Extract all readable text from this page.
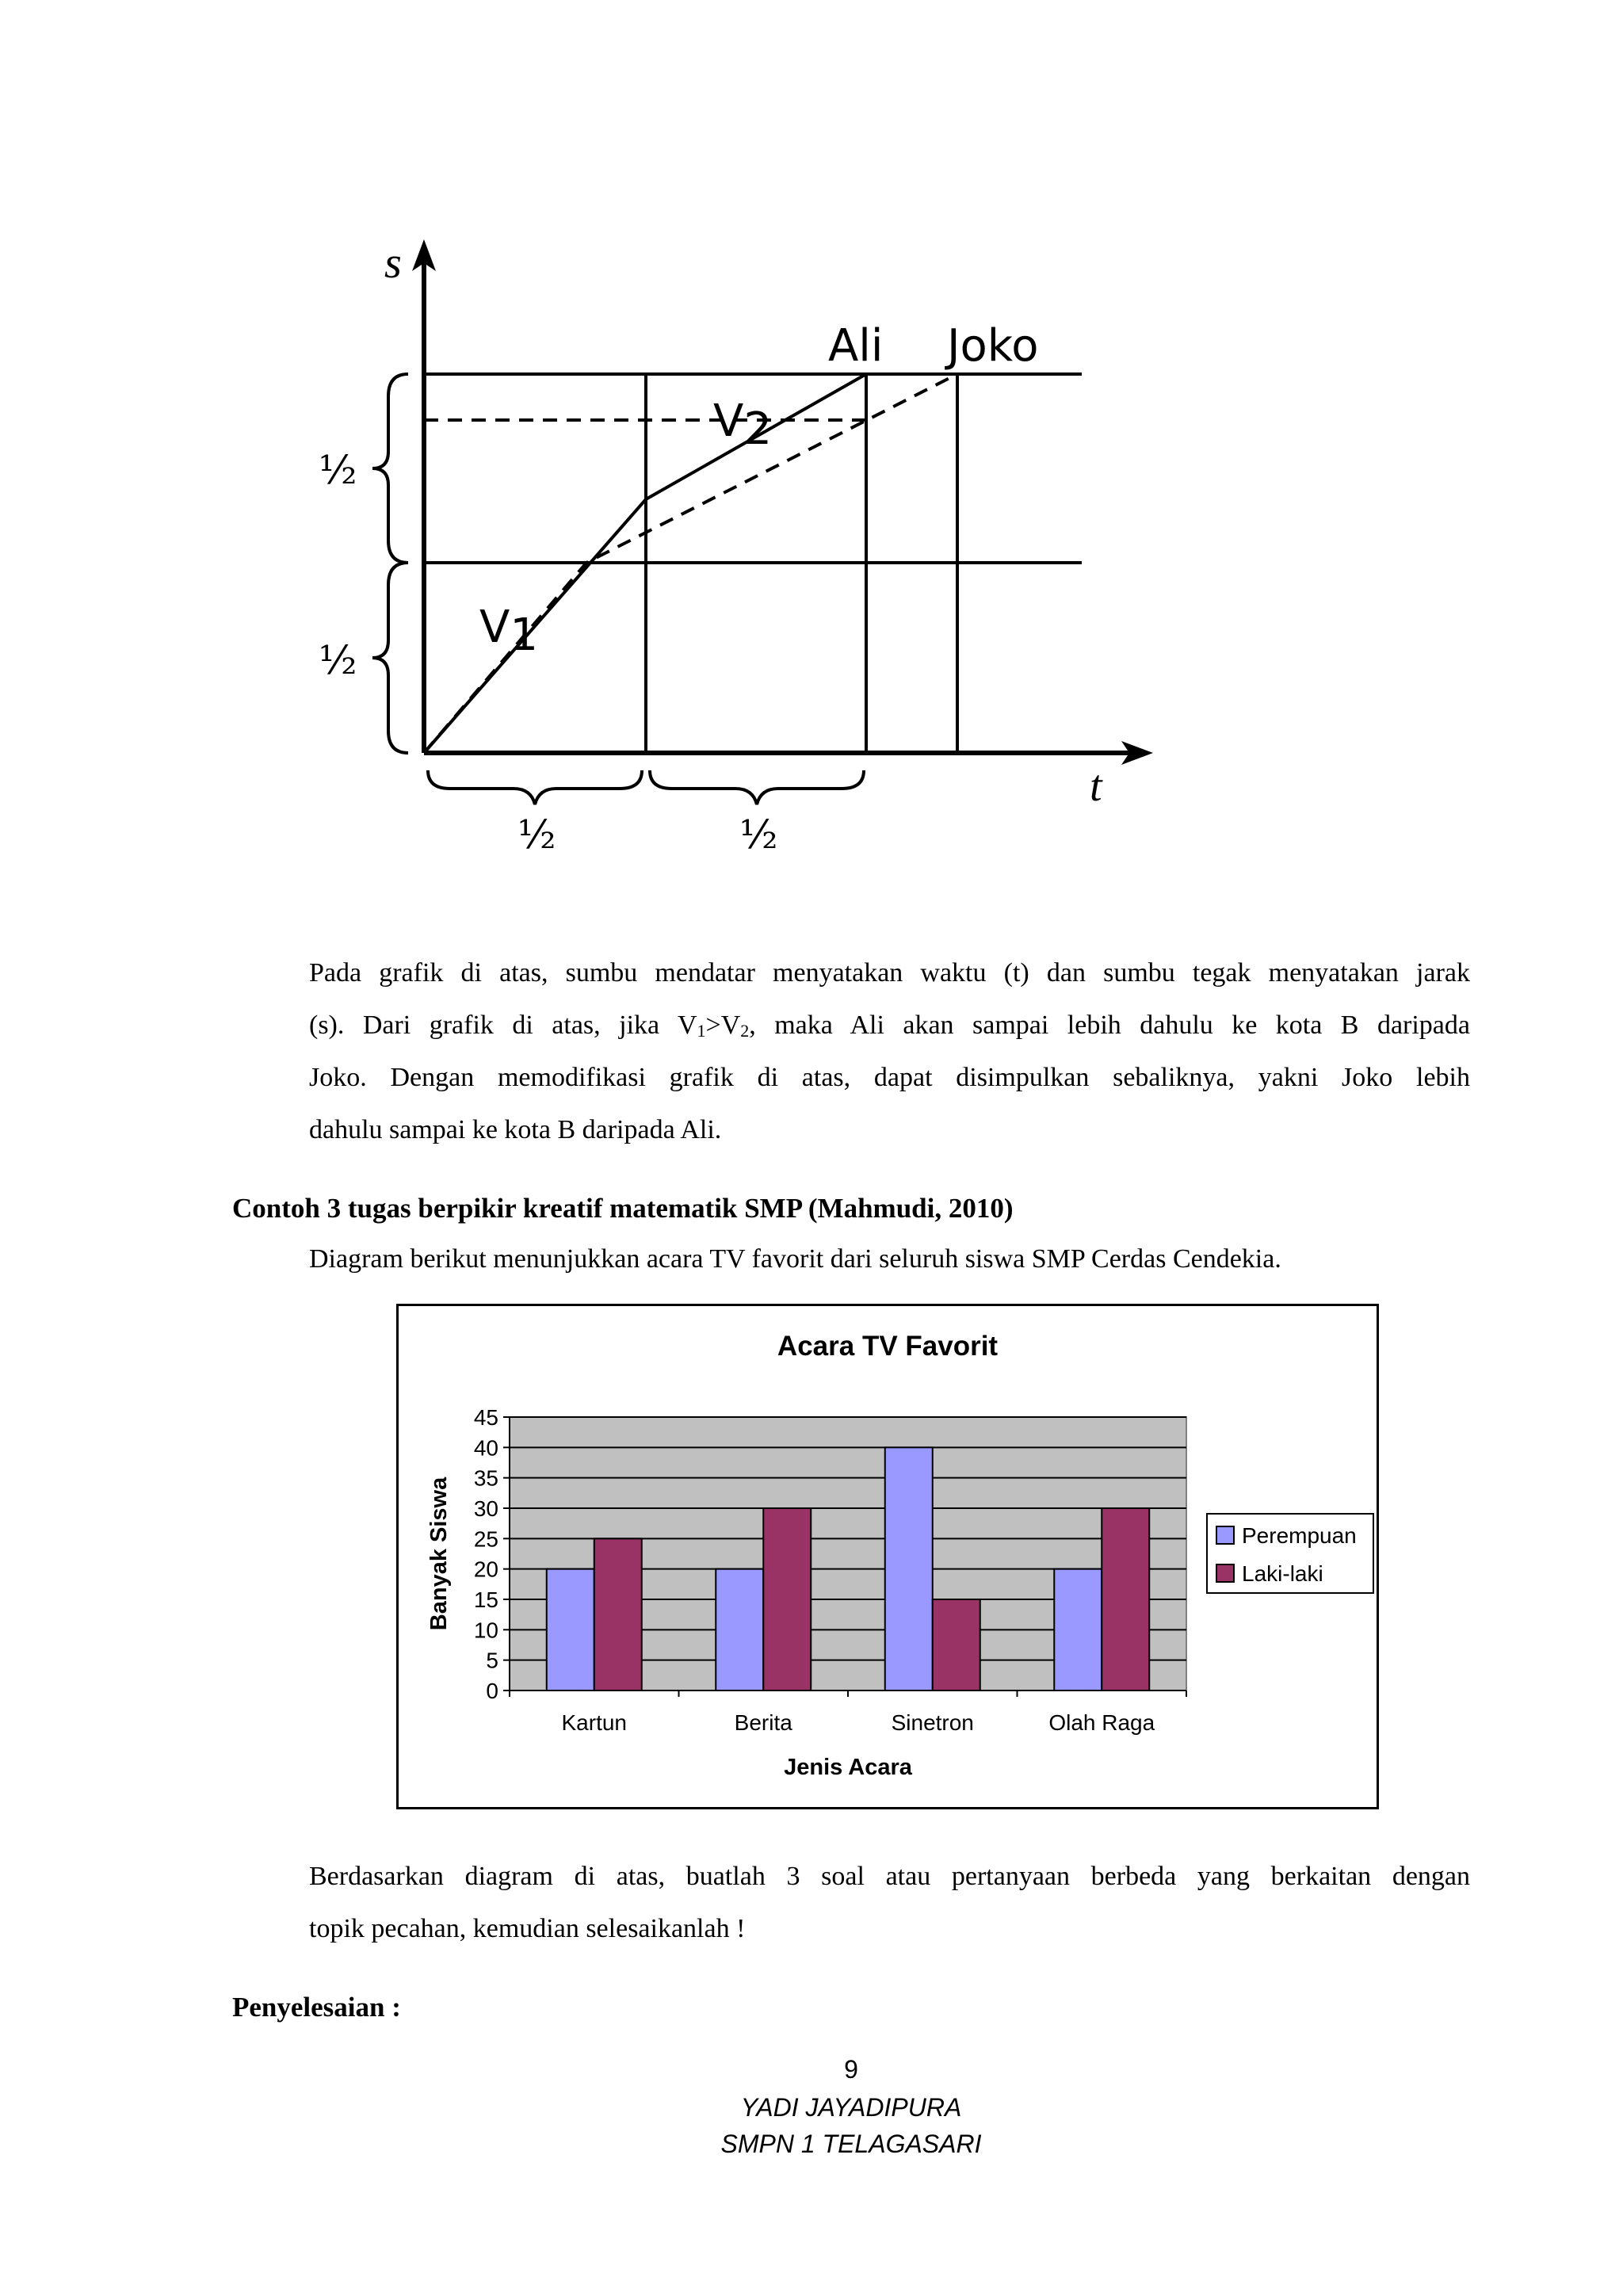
s
t
Ali Joko
V1
V2
½
½
½	½
Pada grafik di atas, sumbu mendatar menyatakan waktu (t) dan sumbu tegak menyatakan jarak
(s). Dari grafik di atas, jika $V_1>V_2$, maka Ali akan sampai lebih dahulu ke kota B daripada
Joko. Dengan memodifikasi grafik di atas, dapat disimpulkan sebaliknya, yakni Joko lebih
dahulu sampai ke kota B daripada Ali.
Contoh 3 tugas berpikir kreatif matematik SMP (Mahmudi, 2010)
Diagram berikut menunjukkan acara TV favorit dari seluruh siswa SMP Cerdas Cendekia.
Acara TV Favorit
0
5
10
15
20
25
30
35
40
45
Kartun	Berita	Sinetron	Olah Raga
Jenis Acara
Banyak Siswa	Perempuan
Laki-laki
Berdasarkan diagram di atas, buatlah 3 soal atau pertanyaan berbeda yang berkaitan dengan
topik pecahan, kemudian selesaikanlah !
Penyelesaian :
9
YADI JAYADIPURA
SMPN 1 TELAGASARI
